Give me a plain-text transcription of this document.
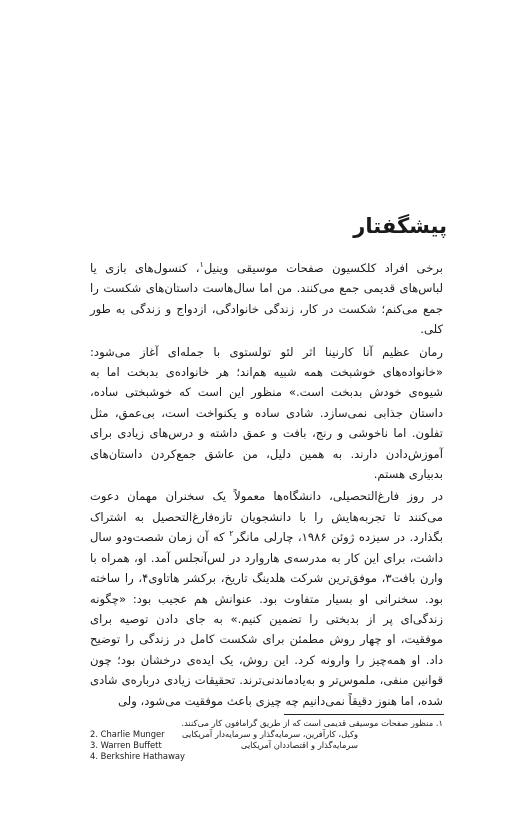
پیشگفتار

برخی افراد کلکسیون صفحات موسیقی وینیل$^۱$، کنسول‌های بازی یا لباس‌های قدیمی جمع می‌کنند. من اما سال‌هاست داستان‌های شکست را جمع می‌کنم؛ شکست در کار، زندگی خانوادگی، ازدواج و زندگی به طور کلی.

رمان عظیم آنا کارنینا اثر لئو تولستوی با جمله‌ای آغاز می‌شود: «خانواده‌های خوشبخت همه شبیه هم‌اند؛ هر خانواده‌ی بدبخت اما به شیوه‌ی خودش بدبخت است.» منظور این است که خوشبختی ساده، داستان جذابی نمی‌سازد. شادی ساده و یکنواخت است، بی‌عمق، مثل تفلون. اما ناخوشی و رنج، بافت و عمق داشته و درس‌های زیادی برای آموزش‌دادن دارند. به همین دلیل، من عاشق جمع‌کردن داستان‌های بدبیاری هستم.

در روز فارغ‌التحصیلی، دانشگاه‌ها معمولاً یک سخنران مهمان دعوت می‌کنند تا تجربه‌هایش را با دانشجویان تازه‌فارغ‌التحصیل به اشتراک بگذارد. در سیزده ژوئن ۱۹۸۶، چارلی مانگر$^۲$ که آن زمان شصت‌ودو سال داشت، برای این کار به مدرسه‌ی هاروارد در لس‌آنجلس آمد. او، همراه با وارن بافت۳، موفق‌ترین شرکت هلدینگ تاریخ، برکشر هاتاوی۴، را ساخته بود. سخنرانی او بسیار متفاوت بود. عنوانش هم عجیب بود: «چگونه زندگی‌ای پر از بدبختی را تضمین کنیم.» به جای دادن توصیه برای موفقیت، او چهار روش مطمئن برای شکست کامل در زندگی را توضیح داد. او همه‌چیز را وارونه کرد. این روش، یک ایده‌ی درخشان بود؛ چون قوانین منفی، ملموس‌تر و به‌یادماندنی‌ترند. تحقیقات زیادی درباره‌ی شادی شده، اما هنوز دقیقاً نمی‌دانیم چه چیزی باعث موفقیت می‌شود، ولی

۱. منظور صفحات موسیقی قدیمی است که از طریق گرامافون کار می‌کنند.
2. Charlie Munger وکیل، کارآفرین، سرمایه‌گذار و سرمایه‌دار آمریکایی
3. Warren Buffett	سرمایه‌گذار و اقتصاددان آمریکایی
4. Berkshire Hathaway
